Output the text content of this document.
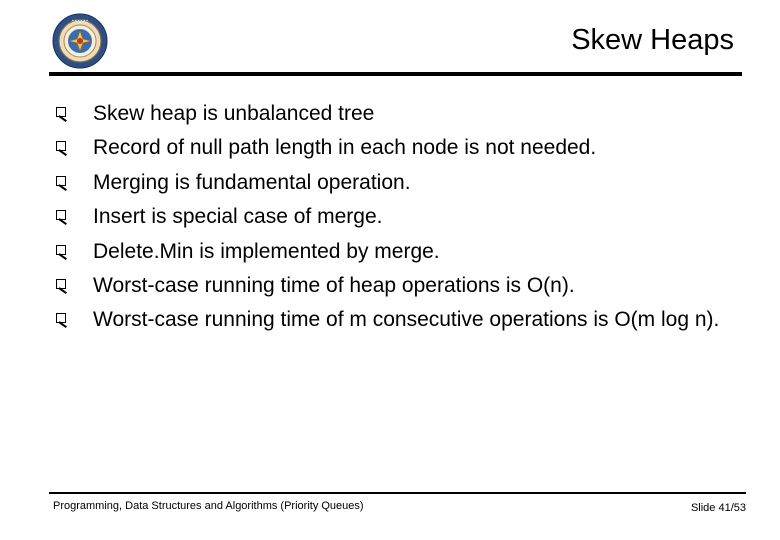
• • • • • •
Skew Heaps
Skew heap is unbalanced tree
Record of null path length in each node is not needed.
Merging is fundamental operation.
Insert is special case of merge.
Delete.Min is implemented by merge.
Worst-case running time of heap operations is O(n).
Worst-case running time of m consecutive operations is O(m log n).
Programming, Data Structures and Algorithms (Priority Queues)	Slide 41/53
